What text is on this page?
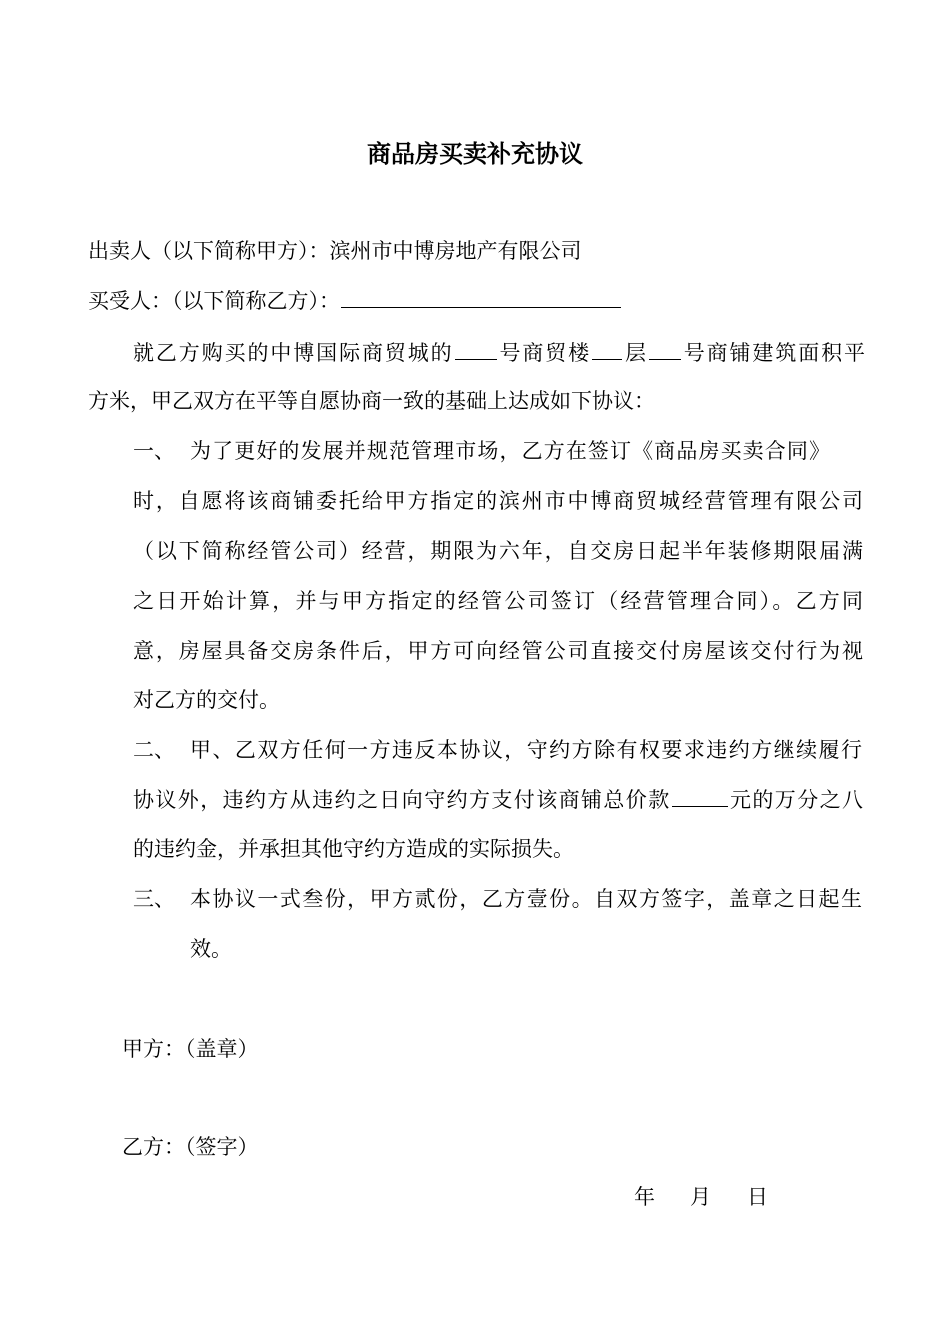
商品房买卖补充协议
出卖人（以下简称甲方）：滨州市中博房地产有限公司
买受人：（以下简称乙方）：
就乙方购买的中博国际商贸城的 号商贸楼 层 号商铺建筑面积平
方米，甲乙双方在平等自愿协商一致的基础上达成如下协议：
一、 为了更好的发展并规范管理市场，乙方在签订《商品房买卖合同》
时，自愿将该商铺委托给甲方指定的滨州市中博商贸城经营管理有限公司
（以下简称经管公司）经营，期限为六年，自交房日起半年装修期限届满
之日开始计算，并与甲方指定的经管公司签订（经营管理合同）。乙方同
意，房屋具备交房条件后，甲方可向经管公司直接交付房屋该交付行为视
对乙方的交付。
二、 甲、乙双方任何一方违反本协议，守约方除有权要求违约方继续履行
协议外，违约方从违约之日向守约方支付该商铺总价款	元的万分之八
的违约金，并承担其他守约方造成的实际损失。
三、 本协议一式叁份，甲方贰份，乙方壹份。自双方签字，盖章之日起生
效。
甲方：（盖章）
乙方：（签字）
年 月 日
